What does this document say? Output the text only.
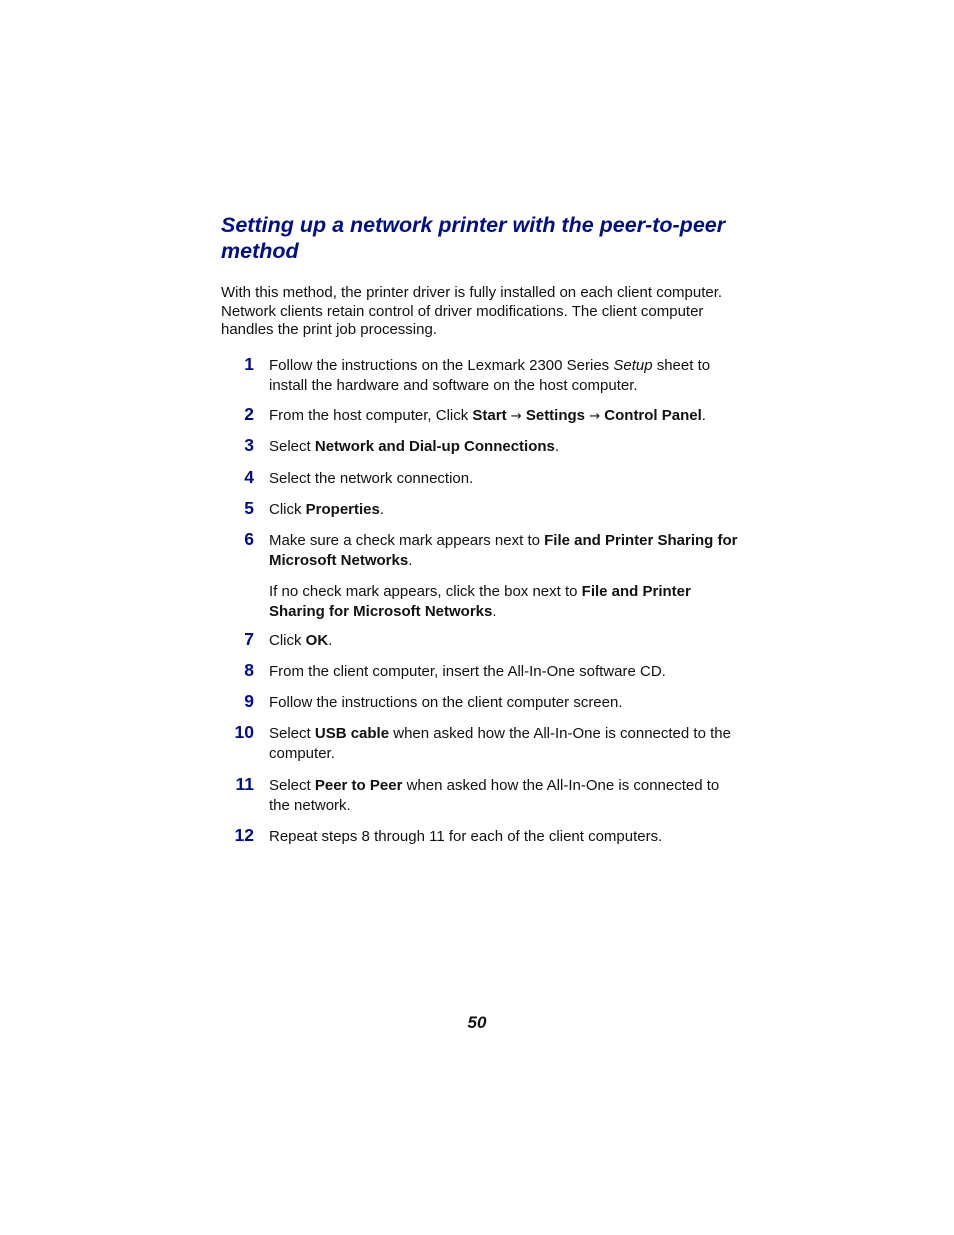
Setting up a network printer with the peer-to-peer method

With this method, the printer driver is fully installed on each client computer. Network clients retain control of driver modifications. The client computer handles the print job processing.

1 Follow the instructions on the Lexmark 2300 Series Setup sheet to install the hardware and software on the host computer.
2 From the host computer, Click Start → Settings → Control Panel.
3 Select Network and Dial-up Connections.
4 Select the network connection.
5 Click Properties.
6 Make sure a check mark appears next to File and Printer Sharing for Microsoft Networks.
If no check mark appears, click the box next to File and Printer Sharing for Microsoft Networks.
7 Click OK.
8 From the client computer, insert the All-In-One software CD.
9 Follow the instructions on the client computer screen.
10 Select USB cable when asked how the All-In-One is connected to the computer.
11 Select Peer to Peer when asked how the All-In-One is connected to the network.
12 Repeat steps 8 through 11 for each of the client computers.
50
